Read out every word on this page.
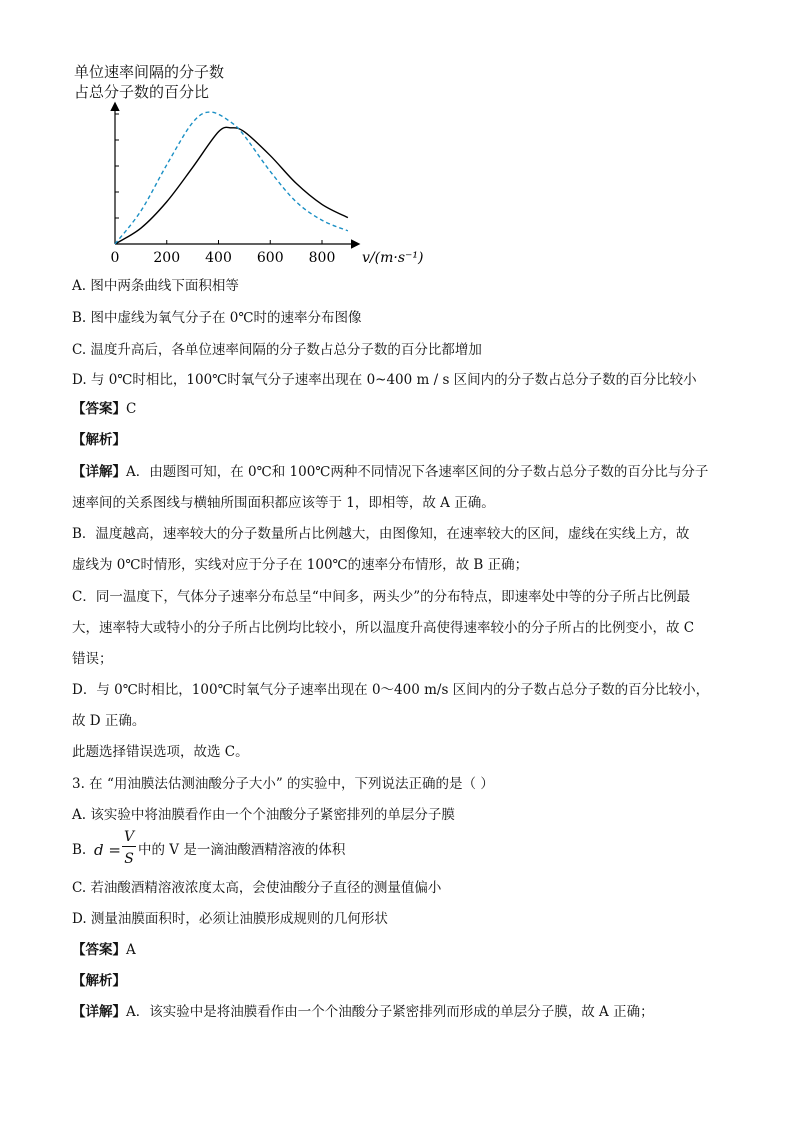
单位速率间隔的分子数
占总分子数的百分比
0 200 400 600 800 v/(m·s⁻¹)
A. 图中两条曲线下面积相等
B. 图中虚线为氧气分子在 0℃时的速率分布图像
C. 温度升高后，各单位速率间隔的分子数占总分子数的百分比都增加
D. 与 0℃时相比，100℃时氧气分子速率出现在 0~400 m / s 区间内的分子数占总分子数的百分比较小
【答案】C
【解析】
【详解】A．由题图可知，在 0℃和 100℃两种不同情况下各速率区间的分子数占总分子数的百分比与分子
速率间的关系图线与横轴所围面积都应该等于 1，即相等，故 A 正确。
B．温度越高，速率较大的分子数量所占比例越大，由图像知，在速率较大的区间，虚线在实线上方，故
虚线为 0℃时情形，实线对应于分子在 100℃的速率分布情形，故 B 正确；
C．同一温度下，气体分子速率分布总呈“中间多，两头少”的分布特点，即速率处中等的分子所占比例最
大，速率特大或特小的分子所占比例均比较小，所以温度升高使得速率较小的分子所占的比例变小，故 C
错误；
D．与 0℃时相比，100℃时氧气分子速率出现在 0～400 m/s 区间内的分子数占总分子数的百分比较小，
故 D 正确。
此题选择错误选项，故选 C。
3. 在 “用油膜法估测油酸分子大小” 的实验中，下列说法正确的是（ ）
A. 该实验中将油膜看作由一个个油酸分子紧密排列的单层分子膜
B. d =
V
S
中的 V 是一滴油酸酒精溶液的体积
C. 若油酸酒精溶液浓度太高，会使油酸分子直径的测量值偏小
D. 测量油膜面积时，必须让油膜形成规则的几何形状
【答案】A
【解析】
【详解】A．该实验中是将油膜看作由一个个油酸分子紧密排列而形成的单层分子膜，故 A 正确；
